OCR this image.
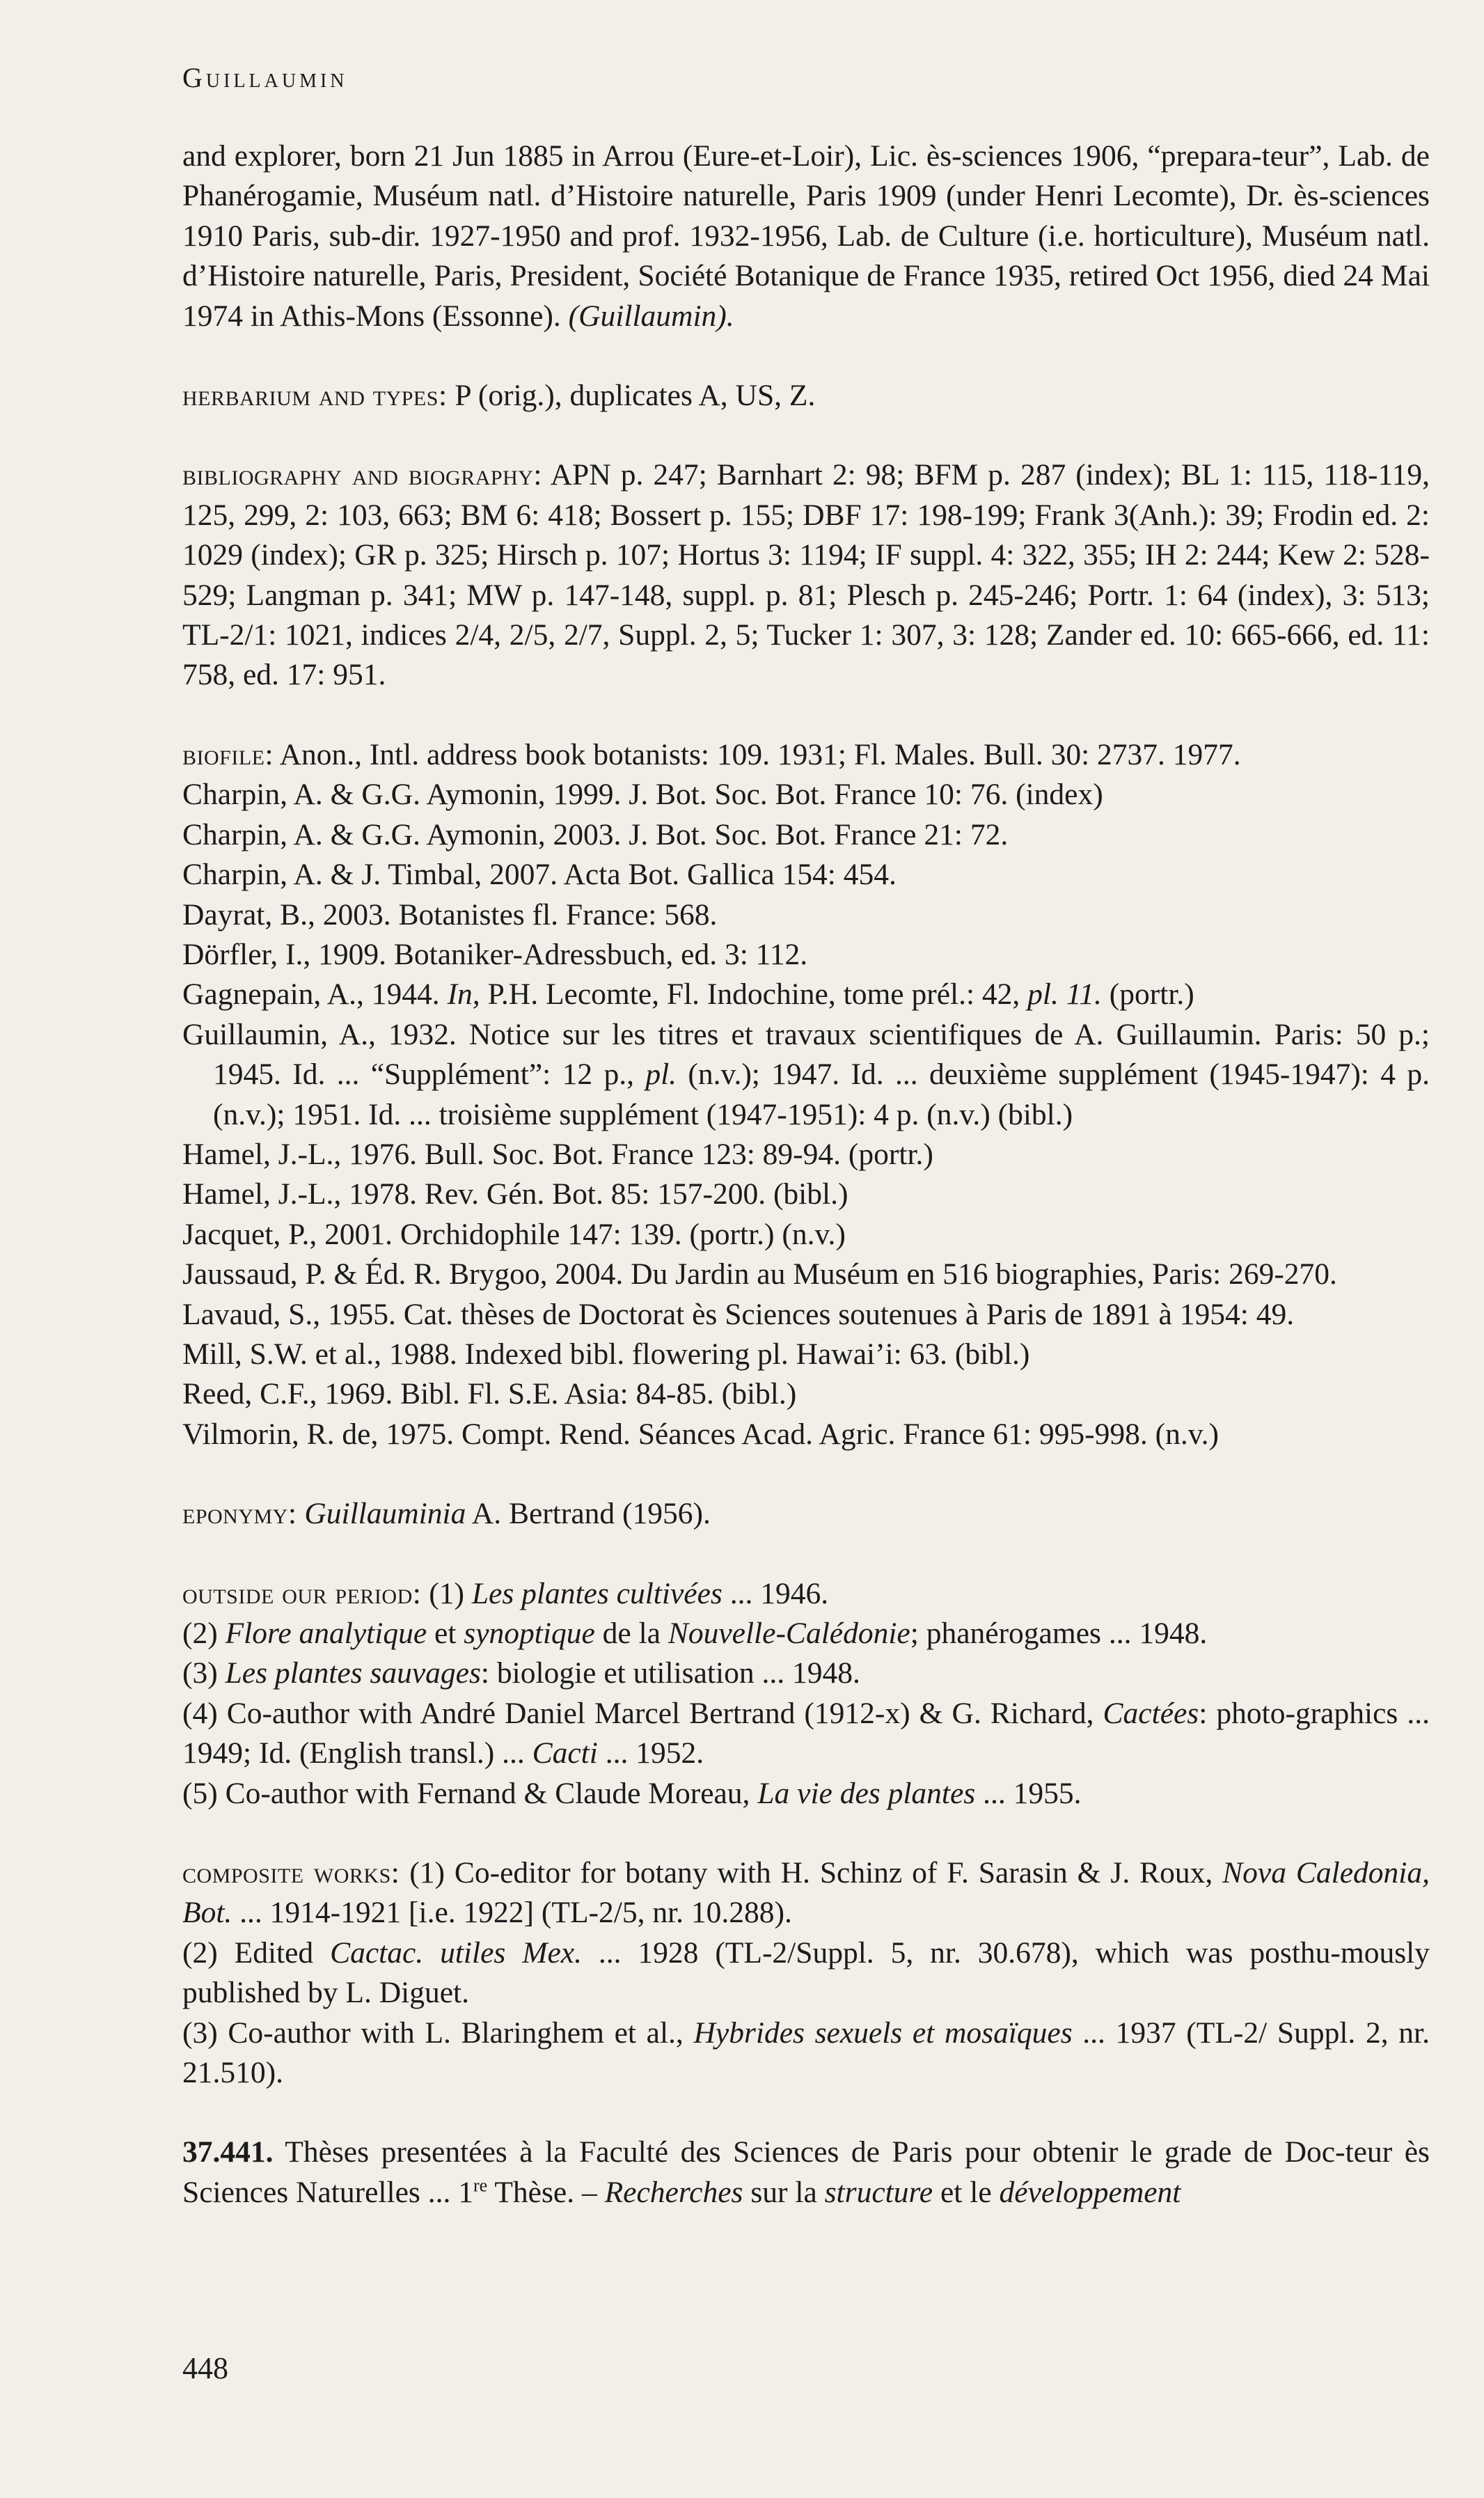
Guillaumin

and explorer, born 21 Jun 1885 in Arrou (Eure-et-Loir), Lic. ès-sciences 1906, “prepara-teur”, Lab. de Phanérogamie, Muséum natl. d’Histoire naturelle, Paris 1909 (under Henri Lecomte), Dr. ès-sciences 1910 Paris, sub-dir. 1927-1950 and prof. 1932-1956, Lab. de Culture (i.e. horticulture), Muséum natl. d’Histoire naturelle, Paris, President, Société Botanique de France 1935, retired Oct 1956, died 24 Mai 1974 in Athis-Mons (Essonne). (Guillaumin).

herbarium and types: P (orig.), duplicates A, US, Z.

bibliography and biography: APN p. 247; Barnhart 2: 98; BFM p. 287 (index); BL 1: 115, 118-119, 125, 299, 2: 103, 663; BM 6: 418; Bossert p. 155; DBF 17: 198-199; Frank 3(Anh.): 39; Frodin ed. 2: 1029 (index); GR p. 325; Hirsch p. 107; Hortus 3: 1194; IF suppl. 4: 322, 355; IH 2: 244; Kew 2: 528-529; Langman p. 341; MW p. 147-148, suppl. p. 81; Plesch p. 245-246; Portr. 1: 64 (index), 3: 513; TL-2/1: 1021, indices 2/4, 2/5, 2/7, Suppl. 2, 5; Tucker 1: 307, 3: 128; Zander ed. 10: 665-666, ed. 11: 758, ed. 17: 951.

biofile: Anon., Intl. address book botanists: 109. 1931; Fl. Males. Bull. 30: 2737. 1977.

Charpin, A. & G.G. Aymonin, 1999. J. Bot. Soc. Bot. France 10: 76. (index)

Charpin, A. & G.G. Aymonin, 2003. J. Bot. Soc. Bot. France 21: 72.

Charpin, A. & J. Timbal, 2007. Acta Bot. Gallica 154: 454.

Dayrat, B., 2003. Botanistes fl. France: 568.

Dörfler, I., 1909. Botaniker-Adressbuch, ed. 3: 112.

Gagnepain, A., 1944. In, P.H. Lecomte, Fl. Indochine, tome prél.: 42, pl. 11. (portr.)

Guillaumin, A., 1932. Notice sur les titres et travaux scientifiques de A. Guillaumin. Paris: 50 p.; 1945. Id. ... “Supplément”: 12 p., pl. (n.v.); 1947. Id. ... deuxième supplément (1945-1947): 4 p. (n.v.); 1951. Id. ... troisième supplément (1947-1951): 4 p. (n.v.) (bibl.)

Hamel, J.-L., 1976. Bull. Soc. Bot. France 123: 89-94. (portr.)

Hamel, J.-L., 1978. Rev. Gén. Bot. 85: 157-200. (bibl.)

Jacquet, P., 2001. Orchidophile 147: 139. (portr.) (n.v.)

Jaussaud, P. & Éd. R. Brygoo, 2004. Du Jardin au Muséum en 516 biographies, Paris: 269-270.

Lavaud, S., 1955. Cat. thèses de Doctorat ès Sciences soutenues à Paris de 1891 à 1954: 49.

Mill, S.W. et al., 1988. Indexed bibl. flowering pl. Hawai’i: 63. (bibl.)

Reed, C.F., 1969. Bibl. Fl. S.E. Asia: 84-85. (bibl.)

Vilmorin, R. de, 1975. Compt. Rend. Séances Acad. Agric. France 61: 995-998. (n.v.)

eponymy: Guillauminia A. Bertrand (1956).

outside our period: (1) Les plantes cultivées ... 1946.

(2) Flore analytique et synoptique de la Nouvelle-Calédonie; phanérogames ... 1948.

(3) Les plantes sauvages: biologie et utilisation ... 1948.

(4) Co-author with André Daniel Marcel Bertrand (1912-x) & G. Richard, Cactées: photo-graphics ... 1949; Id. (English transl.) ... Cacti ... 1952.

(5) Co-author with Fernand & Claude Moreau, La vie des plantes ... 1955.

composite works: (1) Co-editor for botany with H. Schinz of F. Sarasin & J. Roux, Nova Caledonia, Bot. ... 1914-1921 [i.e. 1922] (TL-2/5, nr. 10.288).

(2) Edited Cactac. utiles Mex. ... 1928 (TL-2/Suppl. 5, nr. 30.678), which was posthu-mously published by L. Diguet.

(3) Co-author with L. Blaringhem et al., Hybrides sexuels et mosaïques ... 1937 (TL-2/ Suppl. 2, nr. 21.510).

37.441. Thèses presentées à la Faculté des Sciences de Paris pour obtenir le grade de Doc-teur ès Sciences Naturelles ... 1re Thèse. – Recherches sur la structure et le développement

448
